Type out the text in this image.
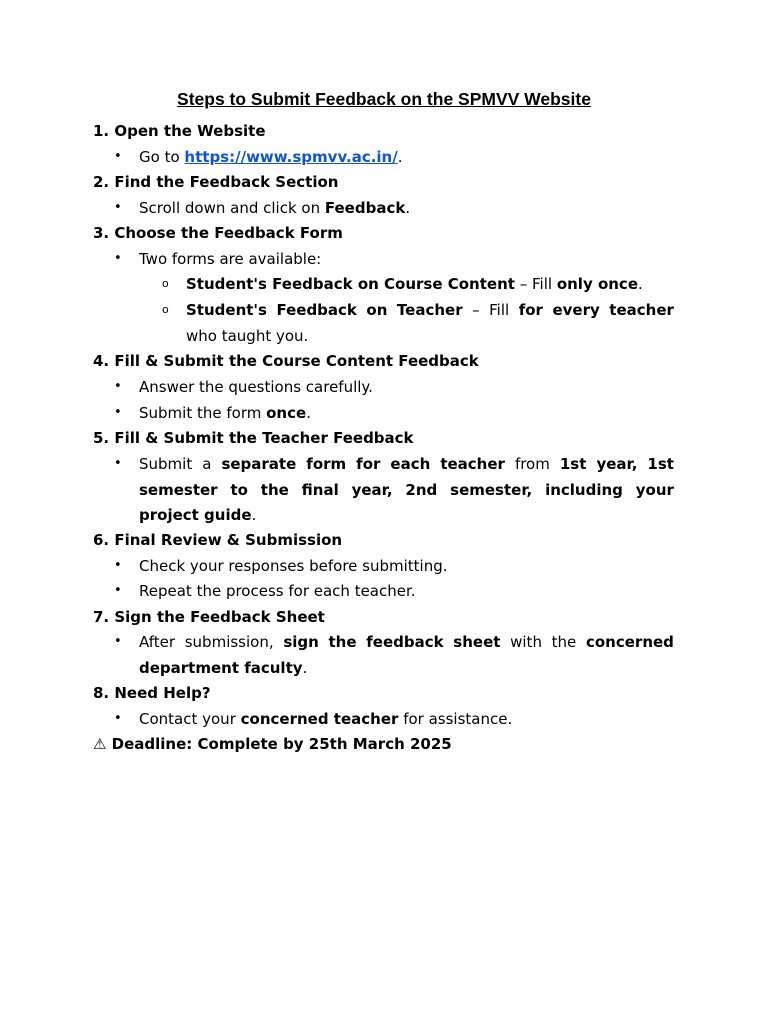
Steps to Submit Feedback on the SPMVV Website
1. Open the Website
• Go to https://www.spmvv.ac.in/.
2. Find the Feedback Section
• Scroll down and click on Feedback.
3. Choose the Feedback Form
• Two forms are available:
o Student's Feedback on Course Content – Fill only once.
o Student's Feedback on Teacher – Fill for every teacher
who taught you.
4. Fill & Submit the Course Content Feedback
• Answer the questions carefully.
• Submit the form once.
5. Fill & Submit the Teacher Feedback
• Submit a separate form for each teacher from 1st year, 1st
semester to the final year, 2nd semester, including your
project guide.
6. Final Review & Submission
• Check your responses before submitting.
• Repeat the process for each teacher.
7. Sign the Feedback Sheet
• After submission, sign the feedback sheet with the concerned
department faculty.
8. Need Help?
• Contact your concerned teacher for assistance.
⚠ Deadline: Complete by 25th March 2025
